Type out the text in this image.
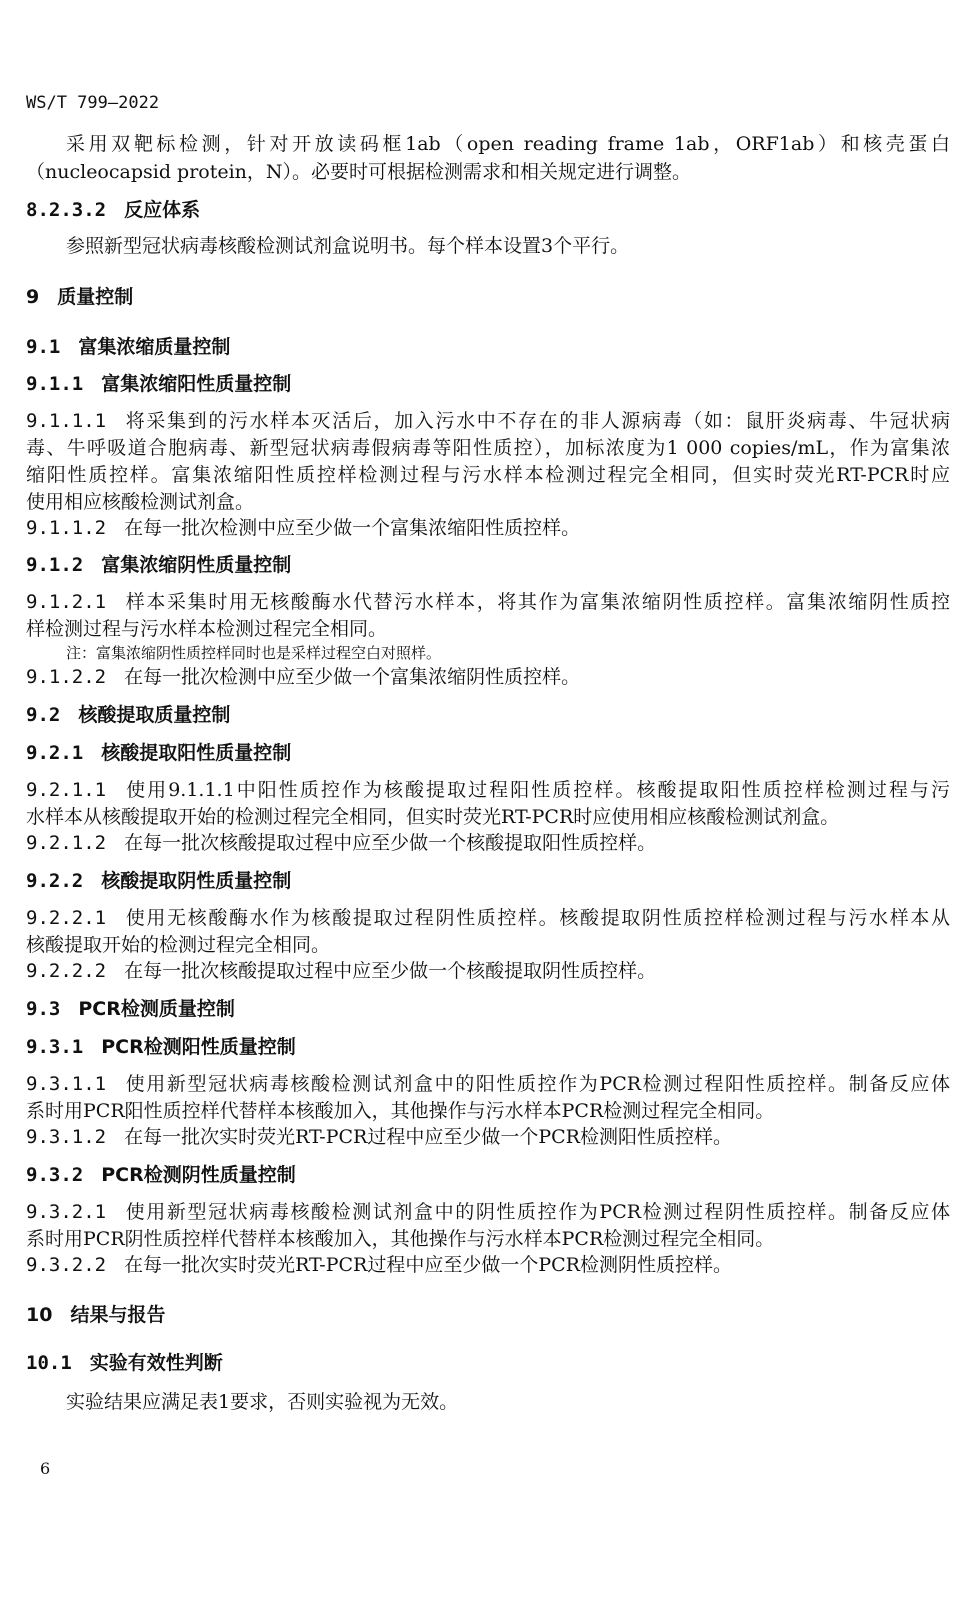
WS/T 799—2022
采用双靶标检测，针对开放读码框1ab（open reading frame 1ab，ORF1ab）和核壳蛋白
（nucleocapsid protein，N）。必要时可根据检测需求和相关规定进行调整。
8.2.3.2 反应体系
参照新型冠状病毒核酸检测试剂盒说明书。每个样本设置3个平行。
9 质量控制
9.1 富集浓缩质量控制
9.1.1 富集浓缩阳性质量控制
9.1.1.1 将采集到的污水样本灭活后，加入污水中不存在的非人源病毒（如：鼠肝炎病毒、牛冠状病
毒、牛呼吸道合胞病毒、新型冠状病毒假病毒等阳性质控），加标浓度为1 000 copies/mL，作为富集浓
缩阳性质控样。富集浓缩阳性质控样检测过程与污水样本检测过程完全相同，但实时荧光RT-PCR时应
使用相应核酸检测试剂盒。
9.1.1.2 在每一批次检测中应至少做一个富集浓缩阳性质控样。
9.1.2 富集浓缩阴性质量控制
9.1.2.1 样本采集时用无核酸酶水代替污水样本，将其作为富集浓缩阴性质控样。富集浓缩阴性质控
样检测过程与污水样本检测过程完全相同。
注：富集浓缩阴性质控样同时也是采样过程空白对照样。
9.1.2.2 在每一批次检测中应至少做一个富集浓缩阴性质控样。
9.2 核酸提取质量控制
9.2.1 核酸提取阳性质量控制
9.2.1.1 使用9.1.1.1中阳性质控作为核酸提取过程阳性质控样。核酸提取阳性质控样检测过程与污
水样本从核酸提取开始的检测过程完全相同，但实时荧光RT-PCR时应使用相应核酸检测试剂盒。
9.2.1.2 在每一批次核酸提取过程中应至少做一个核酸提取阳性质控样。
9.2.2 核酸提取阴性质量控制
9.2.2.1 使用无核酸酶水作为核酸提取过程阴性质控样。核酸提取阴性质控样检测过程与污水样本从
核酸提取开始的检测过程完全相同。
9.2.2.2 在每一批次核酸提取过程中应至少做一个核酸提取阴性质控样。
9.3 PCR检测质量控制
9.3.1 PCR检测阳性质量控制
9.3.1.1 使用新型冠状病毒核酸检测试剂盒中的阳性质控作为PCR检测过程阳性质控样。制备反应体
系时用PCR阳性质控样代替样本核酸加入，其他操作与污水样本PCR检测过程完全相同。
9.3.1.2 在每一批次实时荧光RT-PCR过程中应至少做一个PCR检测阳性质控样。
9.3.2 PCR检测阴性质量控制
9.3.2.1 使用新型冠状病毒核酸检测试剂盒中的阴性质控作为PCR检测过程阴性质控样。制备反应体
系时用PCR阴性质控样代替样本核酸加入，其他操作与污水样本PCR检测过程完全相同。
9.3.2.2 在每一批次实时荧光RT-PCR过程中应至少做一个PCR检测阴性质控样。
10 结果与报告
10.1 实验有效性判断
实验结果应满足表1要求，否则实验视为无效。
6
